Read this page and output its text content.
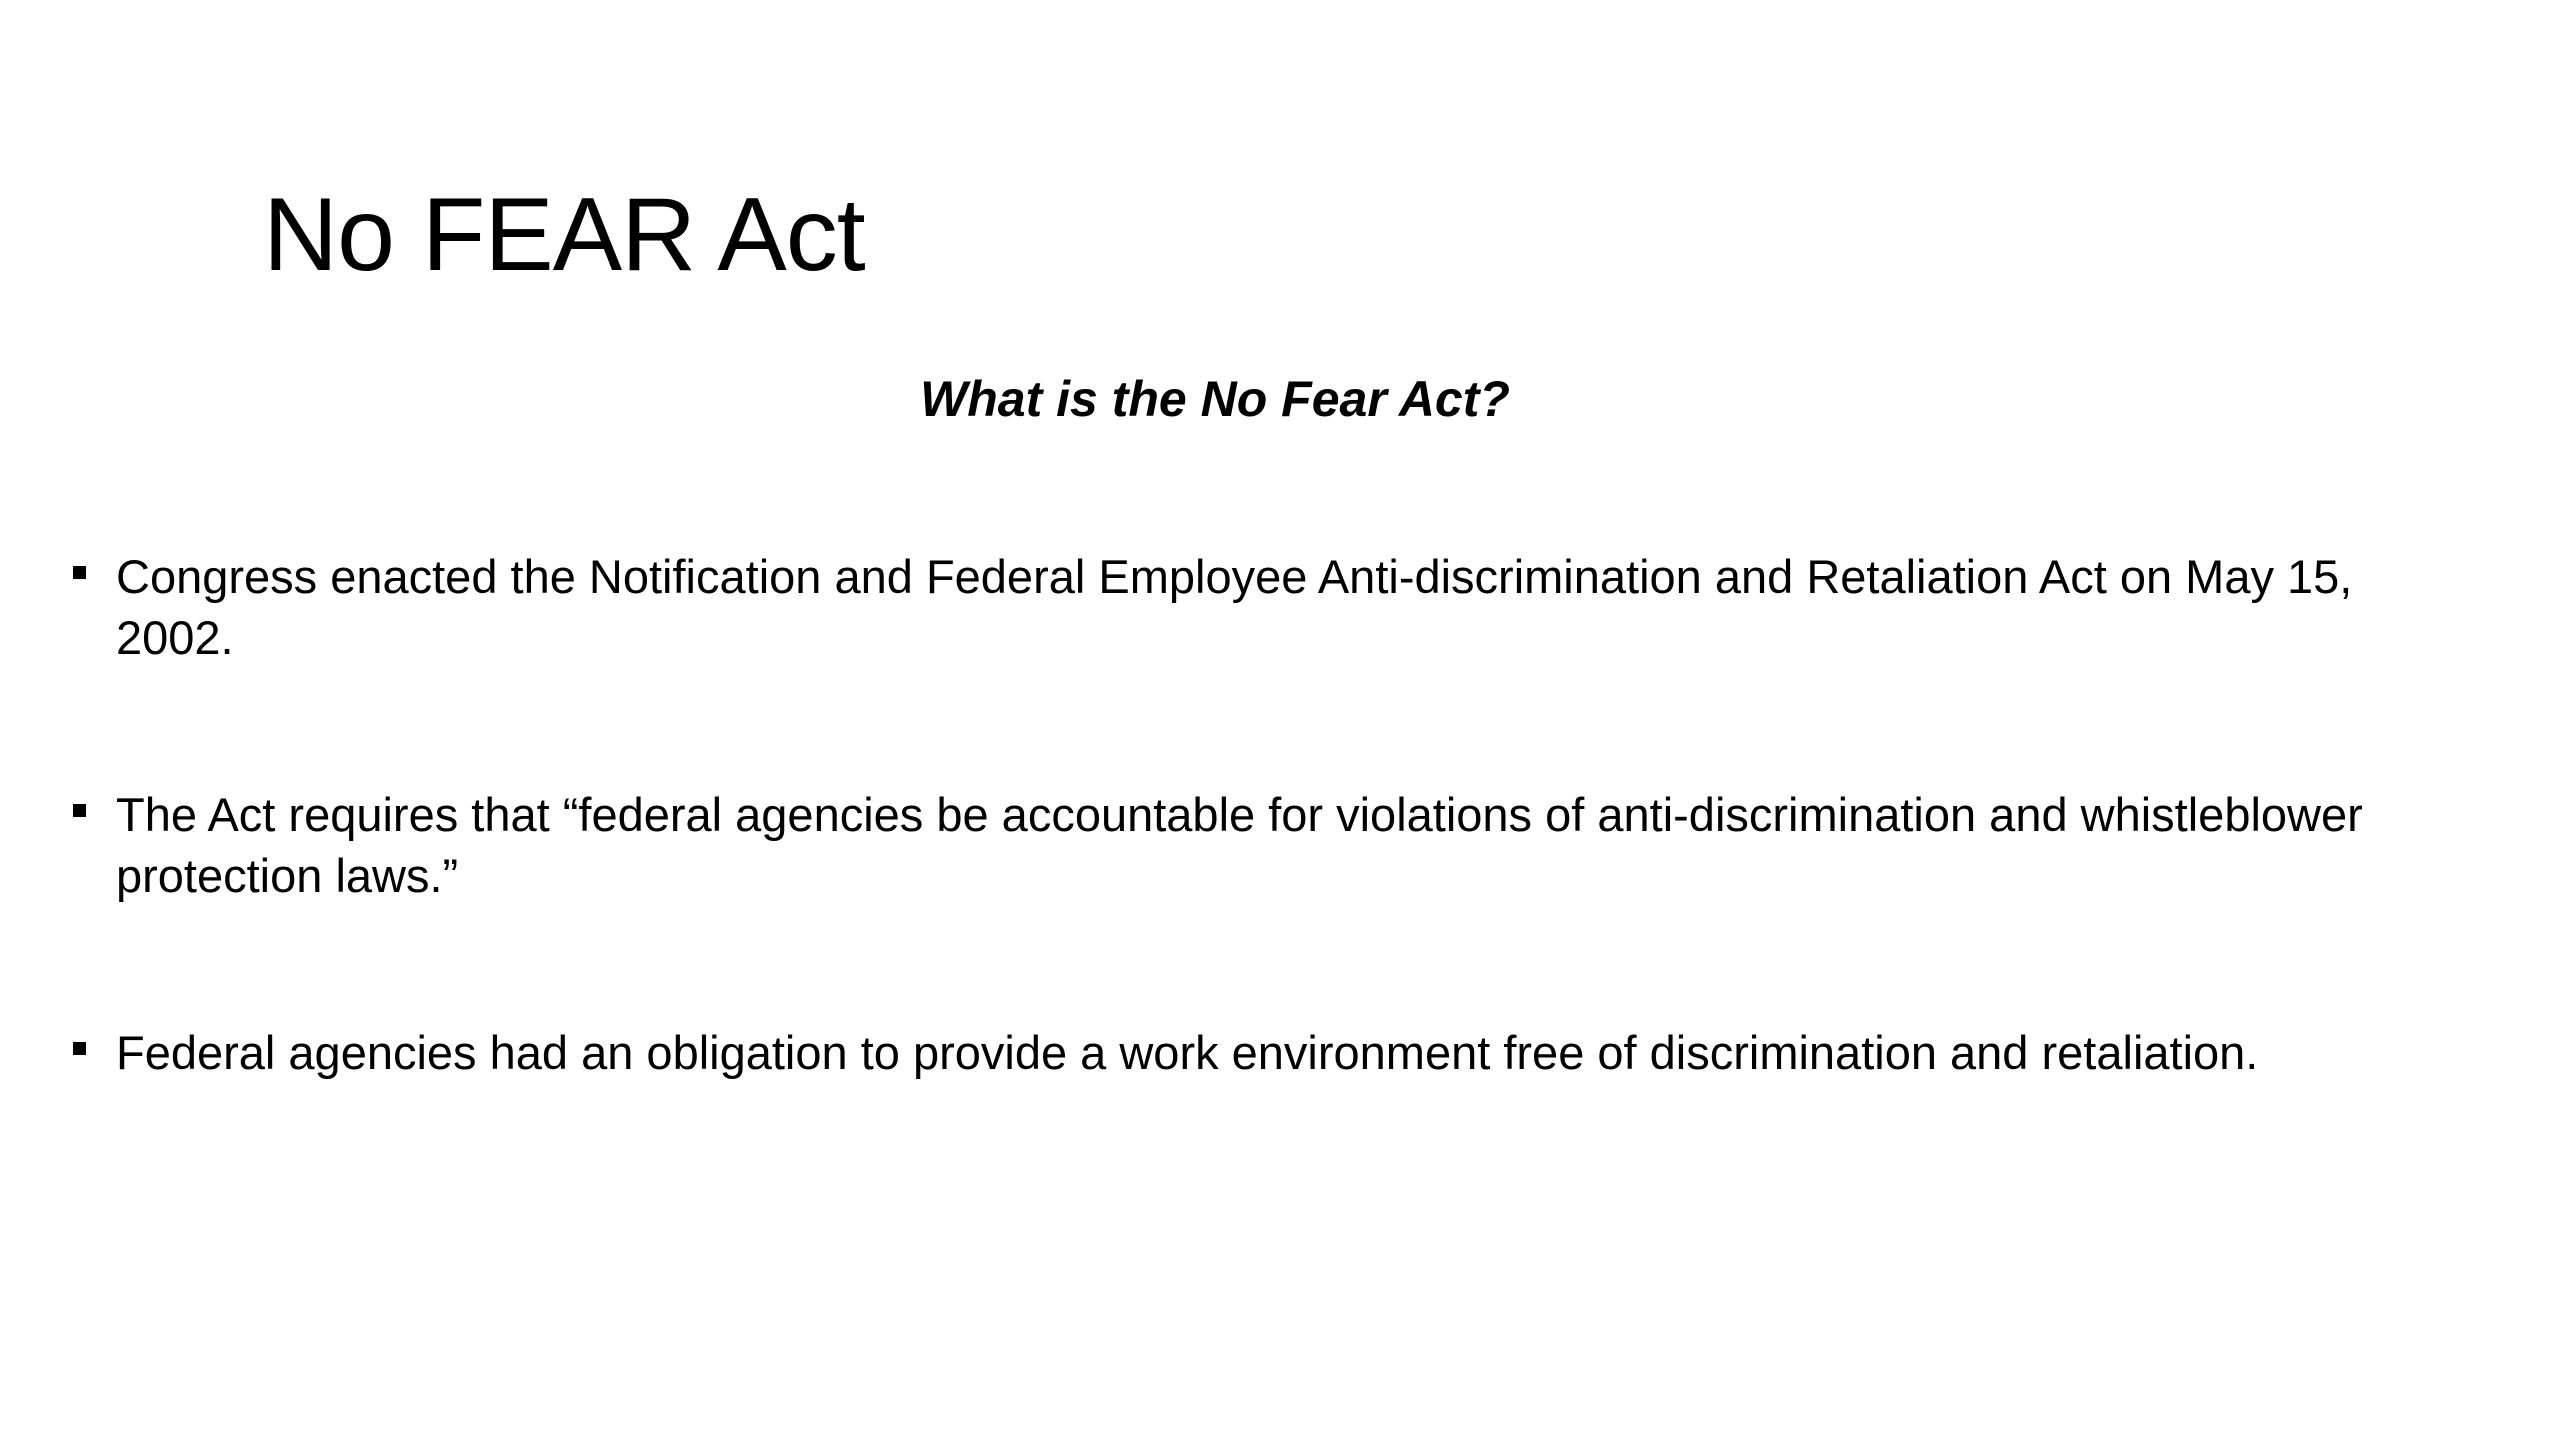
No FEAR Act
What is the No Fear Act?
Congress enacted the Notification and Federal Employee Anti-discrimination and Retaliation Act on May 15, 2002.
The Act requires that “federal agencies be accountable for violations of anti-discrimination and whistleblower protection laws.”
Federal agencies had an obligation to provide a work environment free of discrimination and retaliation.
